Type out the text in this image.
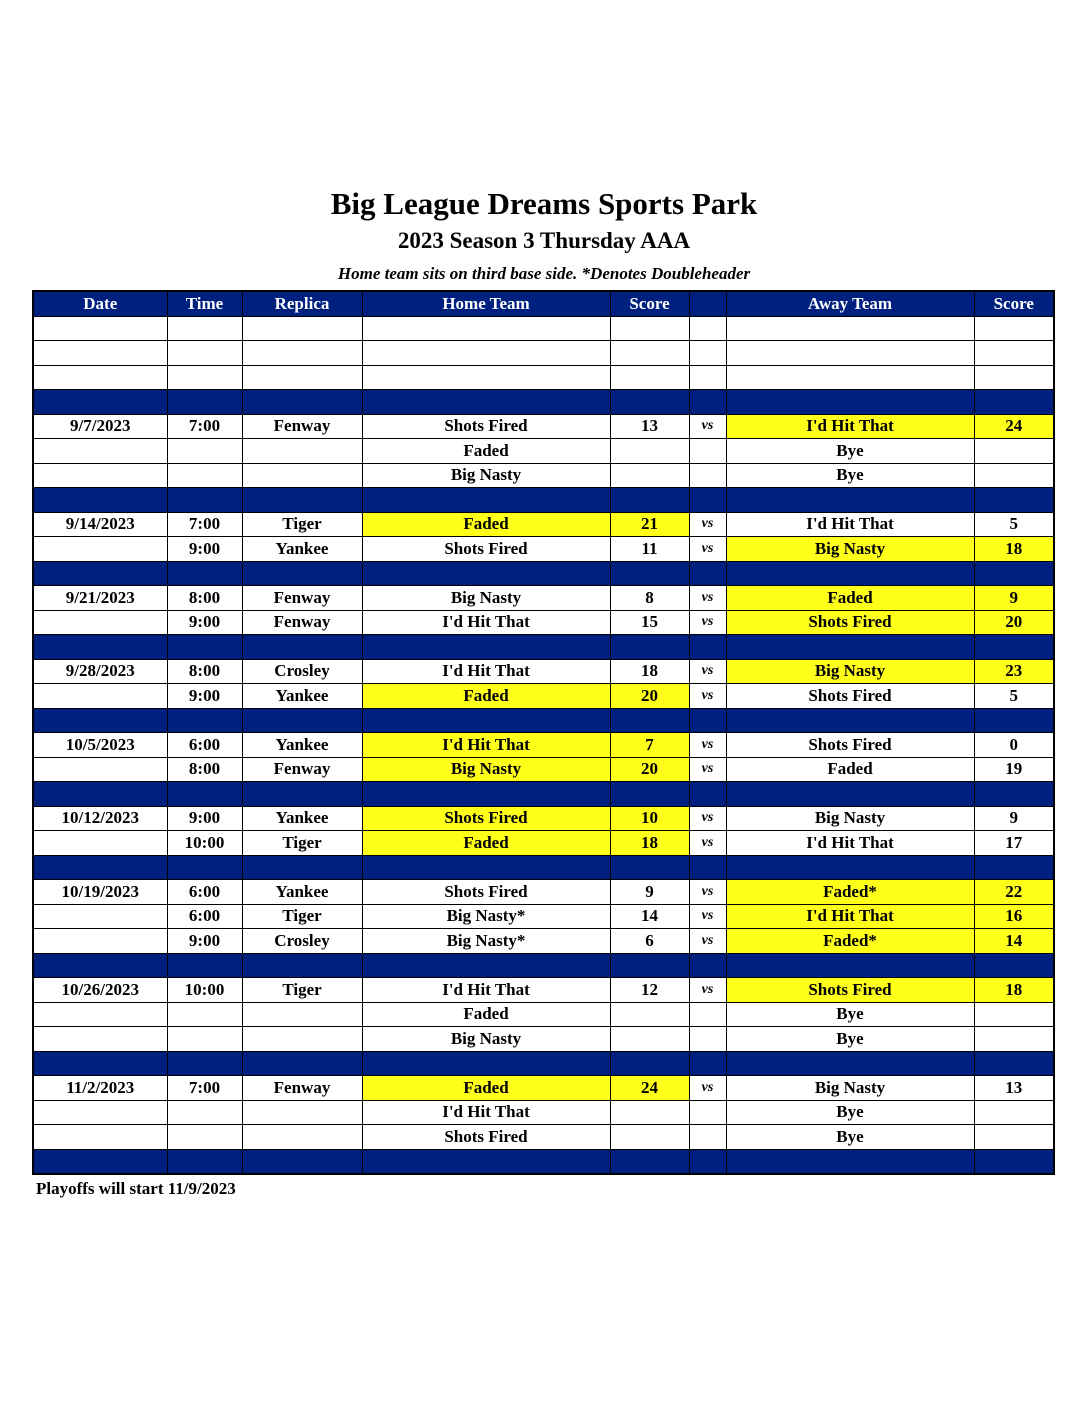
Big League Dreams Sports Park
2023 Season 3 Thursday AAA
Home team sits on third base side. *Denotes Doubleheader
Date	Time	Replica	Home Team	Score		Away Team	Score

9/7/2023	7:00	Fenway	Shots Fired	13	vs	I'd Hit That	24
			Faded			Bye	
			Big Nasty			Bye	

9/14/2023	7:00	Tiger	Faded	21	vs	I'd Hit That	5
	9:00	Yankee	Shots Fired	11	vs	Big Nasty	18

9/21/2023	8:00	Fenway	Big Nasty	8	vs	Faded	9
	9:00	Fenway	I'd Hit That	15	vs	Shots Fired	20

9/28/2023	8:00	Crosley	I'd Hit That	18	vs	Big Nasty	23
	9:00	Yankee	Faded	20	vs	Shots Fired	5

10/5/2023	6:00	Yankee	I'd Hit That	7	vs	Shots Fired	0
	8:00	Fenway	Big Nasty	20	vs	Faded	19

10/12/2023	9:00	Yankee	Shots Fired	10	vs	Big Nasty	9
	10:00	Tiger	Faded	18	vs	I'd Hit That	17

10/19/2023	6:00	Yankee	Shots Fired	9	vs	Faded*	22
	6:00	Tiger	Big Nasty*	14	vs	I'd Hit That	16
	9:00	Crosley	Big Nasty*	6	vs	Faded*	14

10/26/2023	10:00	Tiger	I'd Hit That	12	vs	Shots Fired	18
			Faded			Bye	
			Big Nasty			Bye	

11/2/2023	7:00	Fenway	Faded	24	vs	Big Nasty	13
			I'd Hit That			Bye	
			Shots Fired			Bye	

Playoffs will start 11/9/2023
